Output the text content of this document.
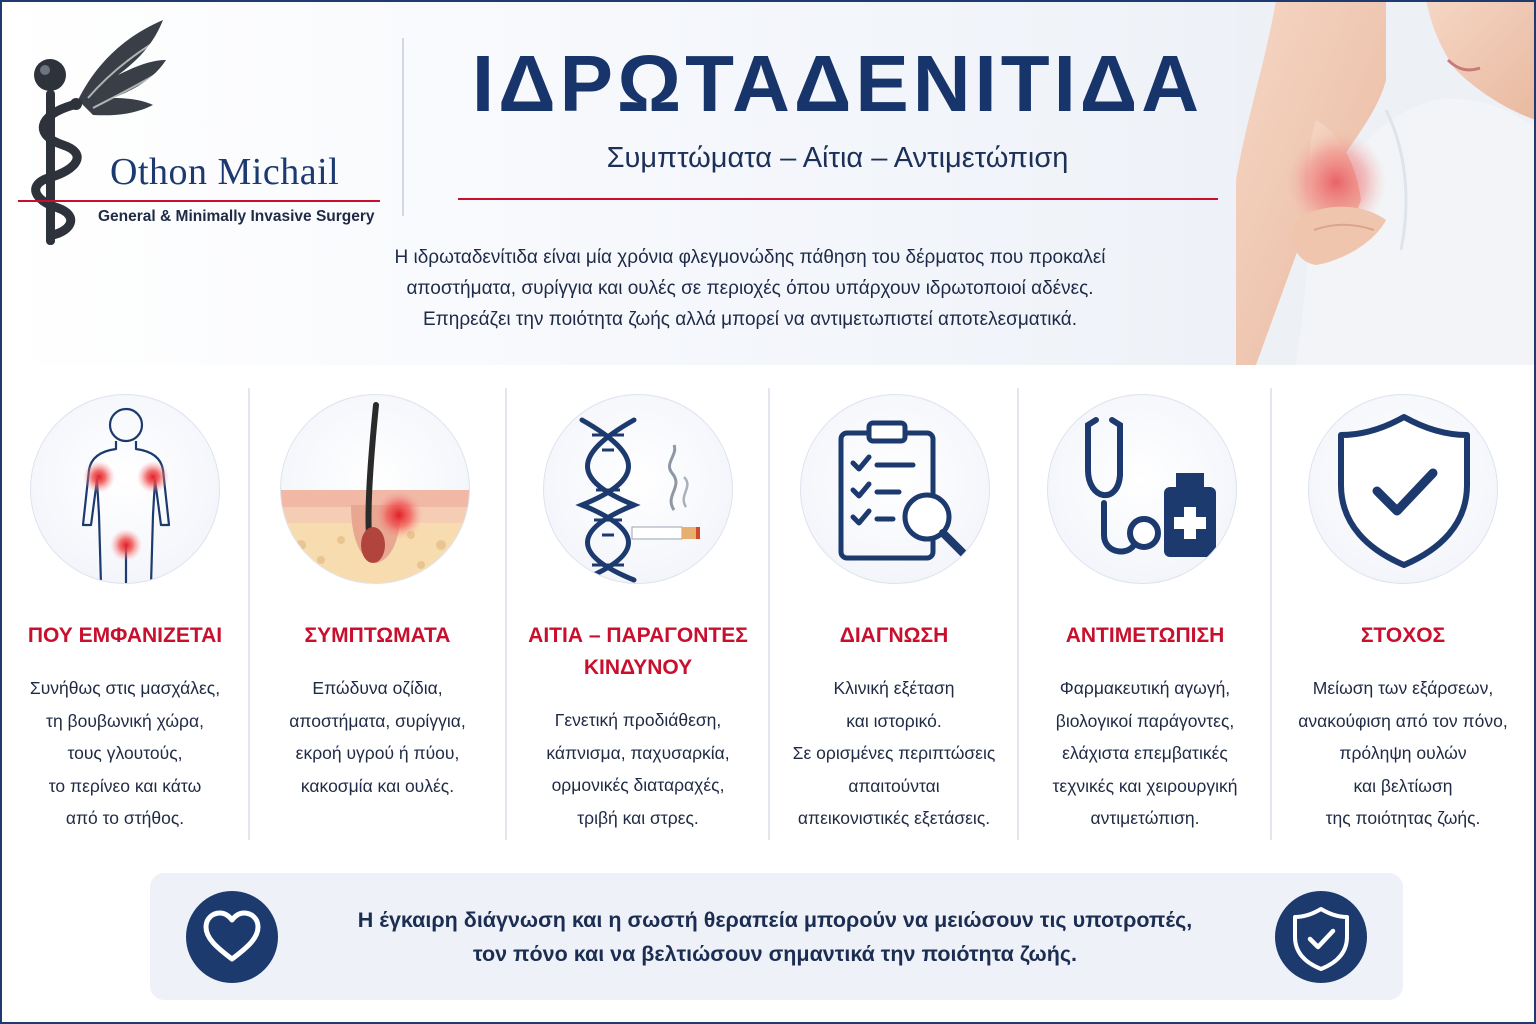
Othon Michail
General & Minimally Invasive Surgery
ΙΔΡΩΤΑΔΕΝΙΤΙΔΑ
Συμπτώματα – Αίτια – Αντιμετώπιση
Η ιδρωταδενίτιδα είναι μία χρόνια φλεγμονώδης πάθηση του δέρματος που προκαλεί
αποστήματα, συρίγγια και ουλές σε περιοχές όπου υπάρχουν ιδρωτοποιοί αδένες.
Επηρεάζει την ποιότητα ζωής αλλά μπορεί να αντιμετωπιστεί αποτελεσματικά.
ΠΟΥ ΕΜΦΑΝΙΖΕΤΑΙ
Συνήθως στις μασχάλες,
τη βουβωνική χώρα,
τους γλουτούς,
το περίνεο και κάτω
από το στήθος.
ΣΥΜΠΤΩΜΑΤΑ
Επώδυνα οζίδια,
αποστήματα, συρίγγια,
εκροή υγρού ή πύου,
κακοσμία και ουλές.
ΑΙΤΙΑ – ΠΑΡΑΓΟΝΤΕΣ
ΚΙΝΔΥΝΟΥ
Γενετική προδιάθεση,
κάπνισμα, παχυσαρκία,
ορμονικές διαταραχές,
τριβή και στρες.
ΔΙΑΓΝΩΣΗ
Κλινική εξέταση
και ιστορικό.
Σε ορισμένες περιπτώσεις
απαιτούνται
απεικονιστικές εξετάσεις.
ΑΝΤΙΜΕΤΩΠΙΣΗ
Φαρμακευτική αγωγή,
βιολογικοί παράγοντες,
ελάχιστα επεμβατικές
τεχνικές και χειρουργική
αντιμετώπιση.
ΣΤΟΧΟΣ
Μείωση των εξάρσεων,
ανακούφιση από τον πόνο,
πρόληψη ουλών
και βελτίωση
της ποιότητας ζωής.
Η έγκαιρη διάγνωση και η σωστή θεραπεία μπορούν να μειώσουν τις υποτροπές,
τον πόνο και να βελτιώσουν σημαντικά την ποιότητα ζωής.
